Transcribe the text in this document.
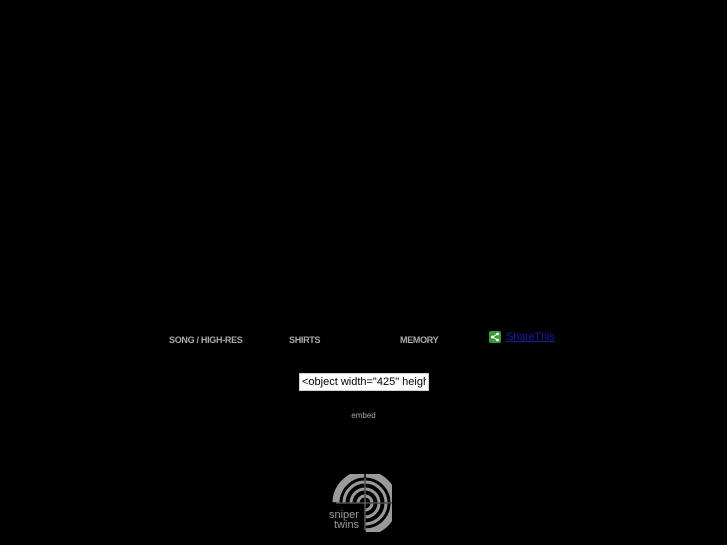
SONG / HIGH-RES	SHIRTS	MEMORY	ShareThis
<object width="425" height="344">
embed
sniper
twins
